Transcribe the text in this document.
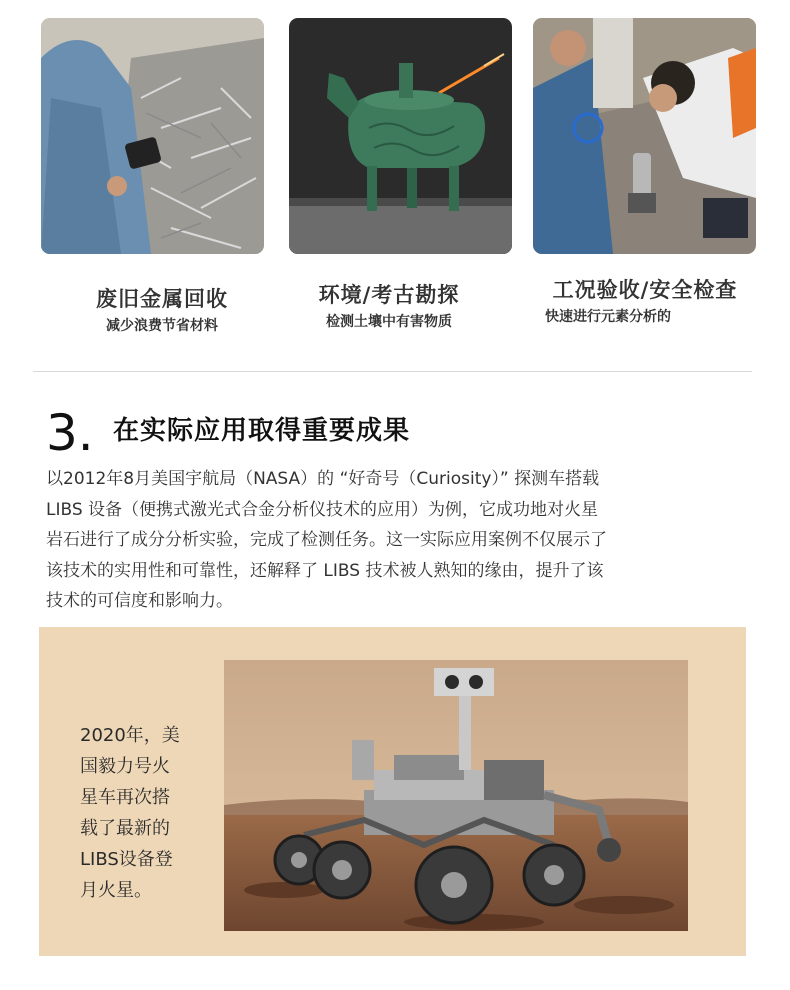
废旧金属回收
减少浪费节省材料
环境/考古勘探
检测土壤中有害物质
工况验收/安全检查
快速进行元素分析的
3. 在实际应用取得重要成果
以2012年8月美国宇航局（NASA）的 “好奇号（Curiosity）” 探测车搭载
LIBS 设备（便携式激光式合金分析仪技术的应用）为例，它成功地对火星
岩石进行了成分分析实验，完成了检测任务。这一实际应用案例不仅展示了
该技术的实用性和可靠性，还解释了 LIBS 技术被人熟知的缘由，提升了该
技术的可信度和影响力。
2020年，美
国毅力号火
星车再次搭
载了最新的
LIBS设备登
月火星。
